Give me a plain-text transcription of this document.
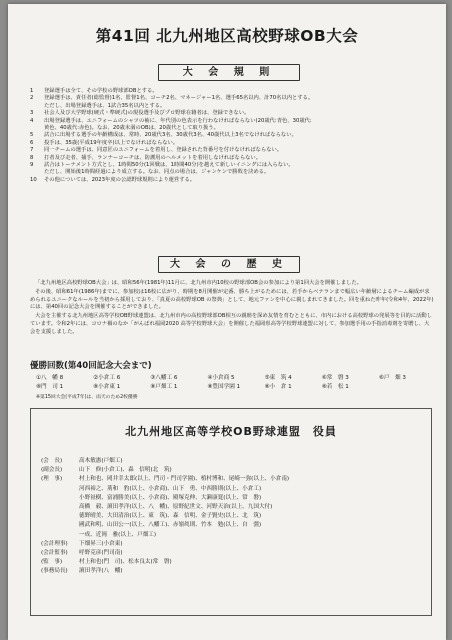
第41回 北九州地区高校野球OB大会
大 会 規 則
1	登録選手は全て、その学校の野球部OBとする。
2	登録選手は、責任者(総監督)1名、監督1名、コーチ2名、マネージャー1名、選手65名以内、計70名以内とする。
ただし、出場登録選手は、1試合35名以内とする。
3	社会人及び大学野球(硬式・準硬式)の現役選手及びプロ野球在籍者は、登録できない。
4	出場登録選手は、ユニフォームのシャツの袖に、年代別の色表示を行わなければならない(20歳代:青色、30歳代:
黄色、40歳代:赤色)。なお、20歳未満のOBは、20歳代として取り扱う。
5	試合に出場する選手の年齢構成は、常時、20歳代3名、30歳代3名、40歳代以上3名でなければならない。
6	投手は、35歳(平成19年度卒)以上でなければならない。
7	同一チームの選手は、同意匠のユニフォームを着用し、登録された背番号を付けなければならない。
8	打者及び走者、捕手、ランナーコーチは、防護用のヘルメットを着用しなければならない。
9	試合はトーナメント方式とし、1時間50分(1回戦は、1時間40分)を越えて新しいイニングには入らない。
ただし、開始後1時間経過により成立する。なお、同点の場合は、ジャンケンで勝敗を決める。
10	その他については、2023年度の公認野球規則により運営する。
大 会 の 歴 史

「北九州地区高校野球OB大会」は、昭和56年(1981年)11月に、北九州市内10校の野球部OB会の参加により第1回大会を開催しました。

その後、昭和61年(1986年)までに、参加校は16校に広がり、時期を8月開催が定番、勝ち上がるためには、若手からベテランまで幅広い年齢層によるチーム編成が求められるユニークなルールを当初から採用しており、「真夏の高校野球OB の祭典」として、地元ファンを中心に親しまれてきました。回を重ねた昨年(令和4年、2022年)には、第40回の記念大会を開催することができました。

大会を主催する北九州地区高等学校OB野球連盟は、北九州市内の高校野球部OB相互の親睦を深め友情を育むとともに、市内における高校野球の発展等を目的に活動しています。令和2年には、コロナ禍のなか「がんばれ福岡2020 高等学校野球大会」を開催した福岡県高等学校野球連盟に対して、参加選手用の手指消毒剤を寄贈し、大会を支援しました。

優勝回数(第40回記念大会まで)
①八　幡 8	②小倉工 6	③八幡工 6	④小倉商 5	⑤東　筑 4	⑥常　磐 3	⑥戸　畑 3
⑧門　司 1	⑧小倉東 1	⑧戸畑工 1	⑧豊国学園 1	⑧小　倉 1	⑧若　松 1
※第15回大会(平成7年)は、雨天のため2校優勝
北九州地区高等学校OB野球連盟　役員
(会　長)	高木敏憲(戸畑工)
(副会長)	山下　修(小倉工)、森　信明(北　筑)
(理　事)	村上和也、岡井幸太郎(以上、門司・門司学園)、植村博和、尾崎一弥(以上、小倉南)
河西裕之、荊和　豹(以上、小倉商)、山下　勇、中西勝則(以上、小倉工)
小野祉樹、富浦勝美(以上、小倉商)、殿塚克伸、大瀬康寛(以上、常　磐)
高橋　毅、濵田孝洋(以上、八　幡)、原野紀世文、河野天治(以上、九国大付)
徳野晴美、大田清治(以上、東　筑)、森　信明、金子賢史(以上、北　筑)
國武和明、山田公一(以上、八幡工)、赤嶺眞則、竹本　勉(以上、自　彊)
一成、近岡　雅(以上、戸畑工)
(会計理事)	下畑昇三(小倉東)
(会計監事)	呼野克彦(門司南)
(監　事)	村上和也(門　司)、松本良太(常　磐)
(事務局長)	濵田孝洋(八　幡)
